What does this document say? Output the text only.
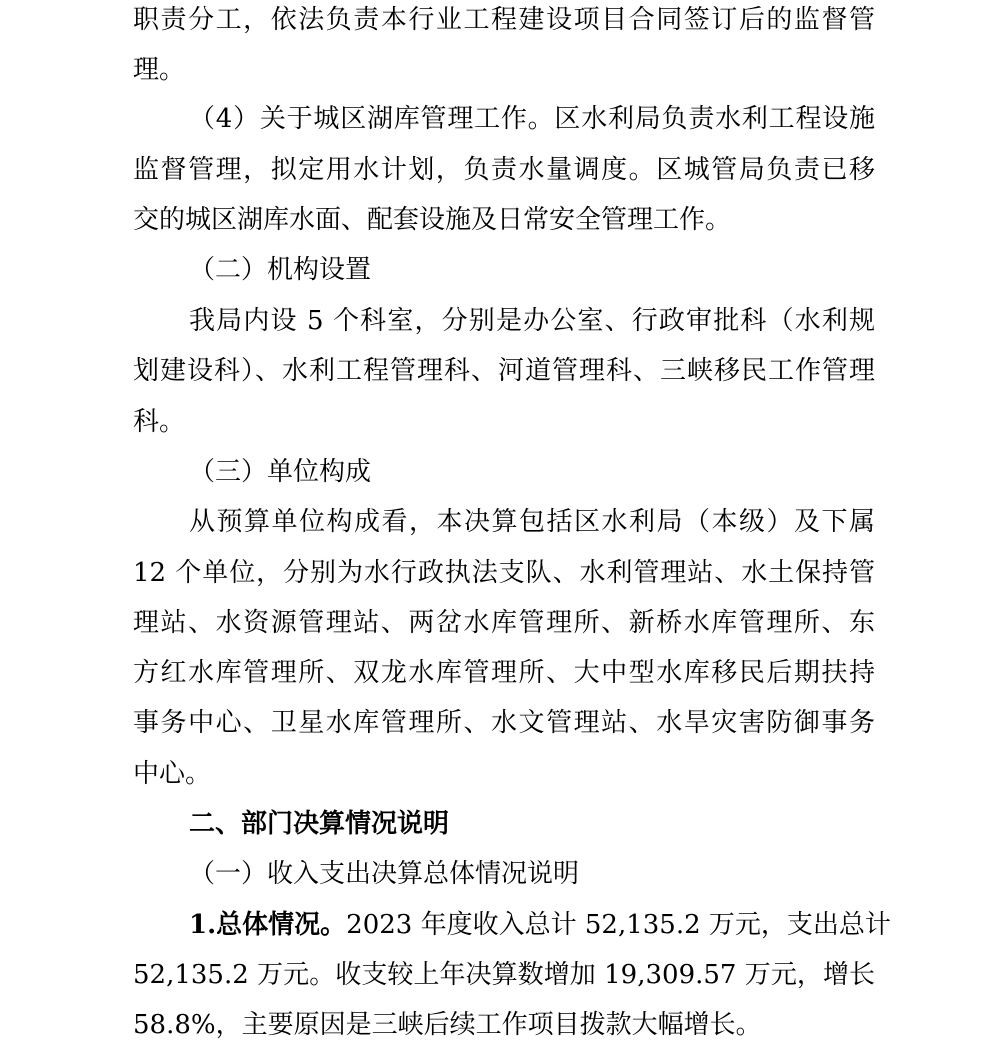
职责分工，依法负责本行业工程建设项目合同签订后的监督管
理。
（4）关于城区湖库管理工作。区水利局负责水利工程设施
监督管理，拟定用水计划，负责水量调度。区城管局负责已移
交的城区湖库水面、配套设施及日常安全管理工作。
（二）机构设置
我局内设 5 个科室，分别是办公室、行政审批科（水利规
划建设科）、水利工程管理科、河道管理科、三峡移民工作管理
科。
（三）单位构成
从预算单位构成看，本决算包括区水利局（本级）及下属
12 个单位，分别为水行政执法支队、水利管理站、水土保持管
理站、水资源管理站、两岔水库管理所、新桥水库管理所、东
方红水库管理所、双龙水库管理所、大中型水库移民后期扶持
事务中心、卫星水库管理所、水文管理站、水旱灾害防御事务
中心。
二、部门决算情况说明
（一）收入支出决算总体情况说明
1.总体情况。2023 年度收入总计 52,135.2 万元，支出总计
52,135.2 万元。收支较上年决算数增加 19,309.57 万元，增长
58.8%，主要原因是三峡后续工作项目拨款大幅增长。
